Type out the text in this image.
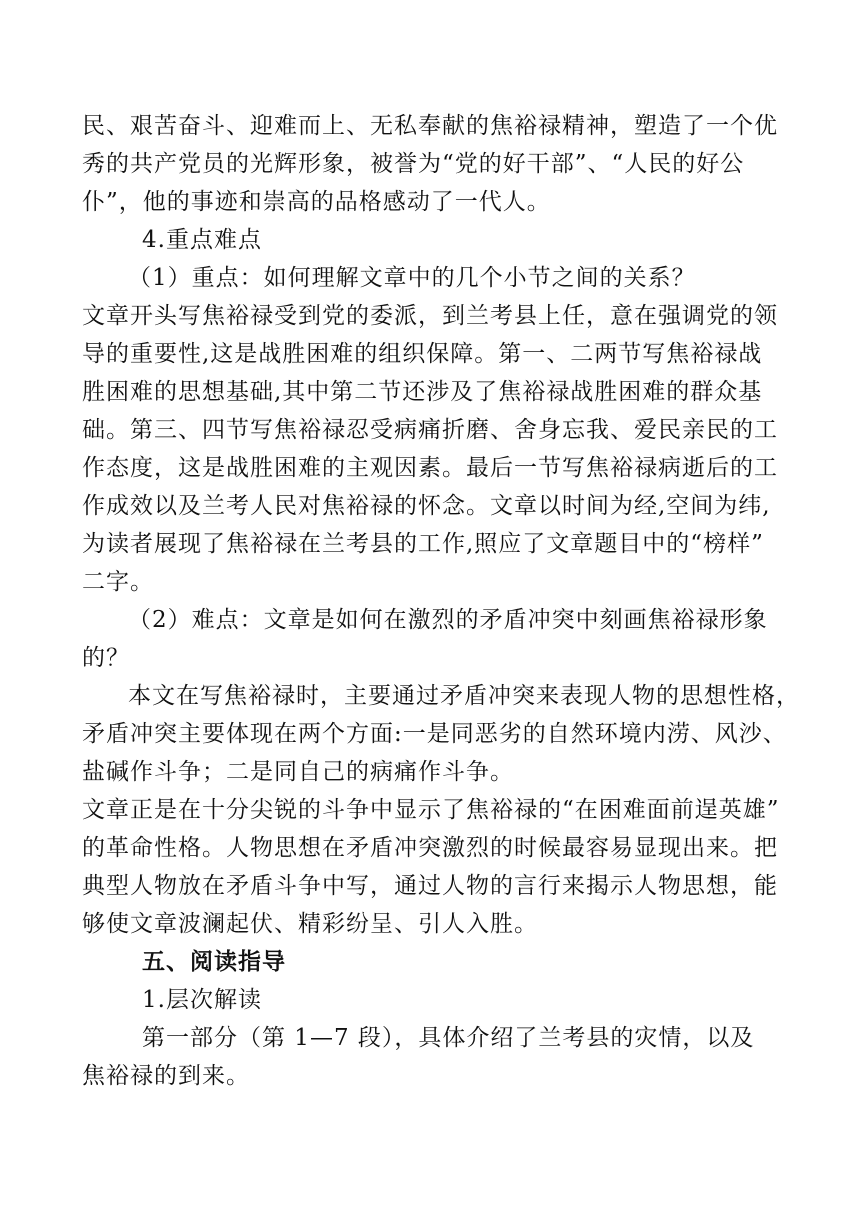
民、艰苦奋斗、迎难而上、无私奉献的焦裕禄精神，塑造了一个优
秀的共产党员的光辉形象，被誉为“党的好干部”、“人民的好公
仆”，他的事迹和崇高的品格感动了一代人。
4.重点难点
（1）重点：如何理解文章中的几个小节之间的关系？
文章开头写焦裕禄受到党的委派，到兰考县上任，意在强调党的领
导的重要性,这是战胜困难的组织保障。第一、二两节写焦裕禄战
胜困难的思想基础,其中第二节还涉及了焦裕禄战胜困难的群众基
础。第三、四节写焦裕禄忍受病痛折磨、舍身忘我、爱民亲民的工
作态度，这是战胜困难的主观因素。最后一节写焦裕禄病逝后的工
作成效以及兰考人民对焦裕禄的怀念。文章以时间为经,空间为纬,
为读者展现了焦裕禄在兰考县的工作,照应了文章题目中的“榜样”
二字。
（2）难点：文章是如何在激烈的矛盾冲突中刻画焦裕禄形象
的？
本文在写焦裕禄时，主要通过矛盾冲突来表现人物的思想性格，
矛盾冲突主要体现在两个方面:一是同恶劣的自然环境内涝、风沙、
盐碱作斗争；二是同自己的病痛作斗争。
文章正是在十分尖锐的斗争中显示了焦裕禄的“在困难面前逞英雄”
的革命性格。人物思想在矛盾冲突激烈的时候最容易显现出来。把
典型人物放在矛盾斗争中写，通过人物的言行来揭示人物思想，能
够使文章波澜起伏、精彩纷呈、引人入胜。
五、阅读指导
1.层次解读
第一部分（第 1—7 段），具体介绍了兰考县的灾情，以及
焦裕禄的到来。
